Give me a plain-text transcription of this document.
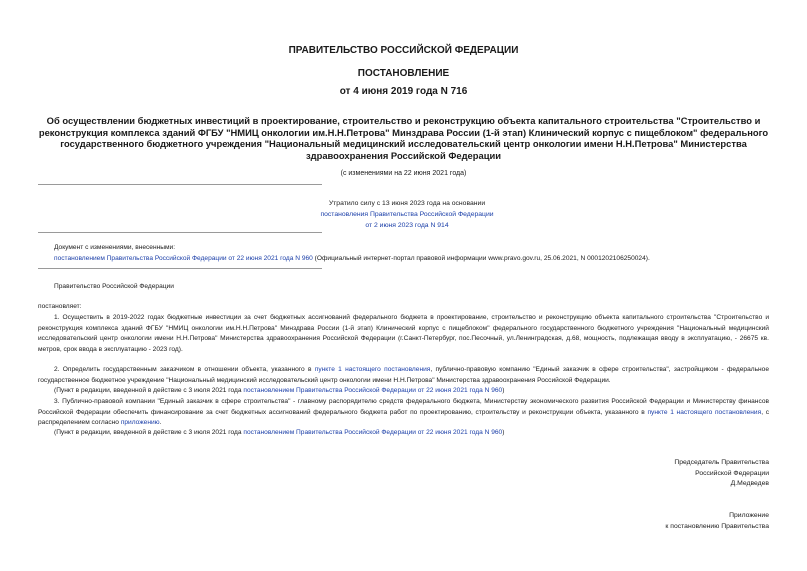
ПРАВИТЕЛЬСТВО РОССИЙСКОЙ ФЕДЕРАЦИИ
ПОСТАНОВЛЕНИЕ
от 4 июня 2019 года N 716
Об осуществлении бюджетных инвестиций в проектирование, строительство и реконструкцию объекта капитального строительства "Строительство и реконструкция комплекса зданий ФГБУ "НМИЦ онкологии им.Н.Н.Петрова" Минздрава России (1-й этап) Клинический корпус с пищеблоком" федерального государственного бюджетного учреждения "Национальный медицинский исследовательский центр онкологии имени Н.Н.Петрова" Министерства здравоохранения Российской Федерации
(с изменениями на 22 июня 2021 года)
Утратило силу с 13 июня 2023 года на основании
постановления Правительства Российской Федерации
от 2 июня 2023 года N 914
Документ с изменениями, внесенными:
постановлением Правительства Российской Федерации от 22 июня 2021 года N 960 (Официальный интернет-портал правовой информации www.pravo.gov.ru, 25.06.2021, N 0001202106250024).
Правительство Российской Федерации
постановляет:
1. Осуществить в 2019-2022 годах бюджетные инвестиции за счет бюджетных ассигнований федерального бюджета в проектирование, строительство и реконструкцию объекта капитального строительства "Строительство и реконструкция комплекса зданий ФГБУ "НМИЦ онкологии им.Н.Н.Петрова" Минздрава России (1-й этап) Клинический корпус с пищеблоком" федерального государственного бюджетного учреждения "Национальный медицинский исследовательский центр онкологии имени Н.Н.Петрова" Министерства здравоохранения Российской Федерации (г.Санкт-Петербург, пос.Песочный, ул.Ленинградская, д.68, мощность, подлежащая вводу в эксплуатацию, - 26675 кв. метров, срок ввода в эксплуатацию - 2023 год).
2. Определить государственным заказчиком в отношении объекта, указанного в пункте 1 настоящего постановления, публично-правовую компанию "Единый заказчик в сфере строительства", застройщиком - федеральное государственное бюджетное учреждение "Национальный медицинский исследовательский центр онкологии имени Н.Н.Петрова" Министерства здравоохранения Российской Федерации.
(Пункт в редакции, введенной в действие с 3 июля 2021 года постановлением Правительства Российской Федерации от 22 июня 2021 года N 960)
3. Публично-правовой компании "Единый заказчик в сфере строительства" - главному распорядителю средств федерального бюджета, Министерству экономического развития Российской Федерации и Министерству финансов Российской Федерации обеспечить финансирование за счет бюджетных ассигнований федерального бюджета работ по проектированию, строительству и реконструкции объекта, указанного в пункте 1 настоящего постановления, с распределением согласно приложению.
(Пункт в редакции, введенной в действие с 3 июля 2021 года постановлением Правительства Российской Федерации от 22 июня 2021 года N 960)
Председатель Правительства
Российской Федерации
Д.Медведев
Приложение
к постановлению Правительства
